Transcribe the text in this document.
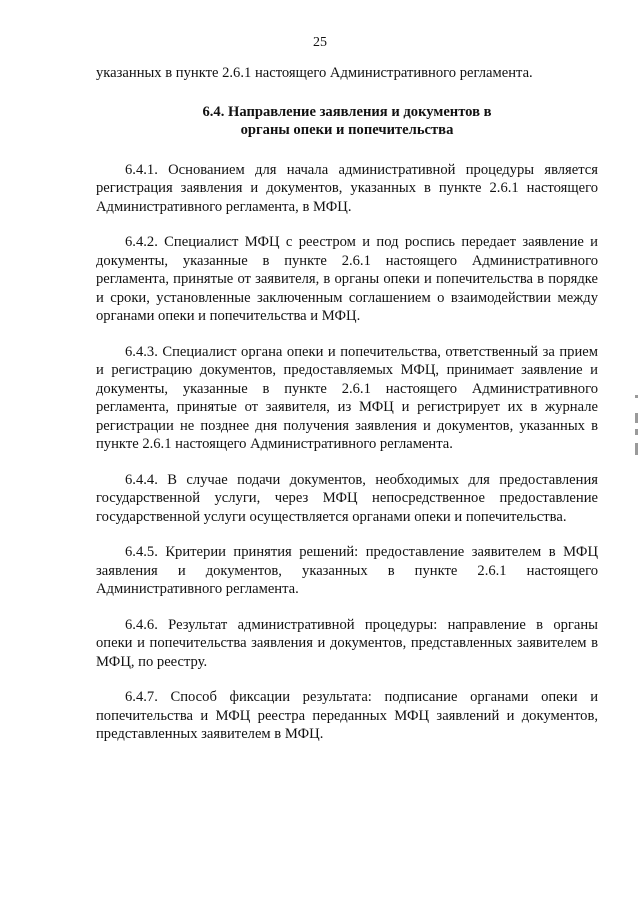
25

указанных в пункте 2.6.1 настоящего Административного регламента.

6.4. Направление заявления и документов в
органы опеки и попечительства

6.4.1. Основанием для начала административной процедуры является регистрация заявления и документов, указанных в пункте 2.6.1 настоящего Административного регламента, в МФЦ.

6.4.2. Специалист МФЦ с реестром и под роспись передает заявление и документы, указанные в пункте 2.6.1 настоящего Административного регламента, принятые от заявителя, в органы опеки и попечительства в порядке и сроки, установленные заключенным соглашением о взаимодействии между органами опеки и попечительства и МФЦ.

6.4.3. Специалист органа опеки и попечительства, ответственный за прием и регистрацию документов, предоставляемых МФЦ, принимает заявление и документы, указанные в пункте 2.6.1 настоящего Административного регламента, принятые от заявителя, из МФЦ и регистрирует их в журнале регистрации не позднее дня получения заявления и документов, указанных в пункте 2.6.1 настоящего Административного регламента.

6.4.4. В случае подачи документов, необходимых для предоставления государственной услуги, через МФЦ непосредственное предоставление государственной услуги осуществляется органами опеки и попечительства.

6.4.5. Критерии принятия решений: предоставление заявителем в МФЦ заявления и документов, указанных в пункте 2.6.1 настоящего Административного регламента.

6.4.6. Результат административной процедуры: направление в органы опеки и попечительства заявления и документов, представленных заявителем в МФЦ, по реестру.

6.4.7. Способ фиксации результата: подписание органами опеки и попечительства и МФЦ реестра переданных МФЦ заявлений и документов, представленных заявителем в МФЦ.
